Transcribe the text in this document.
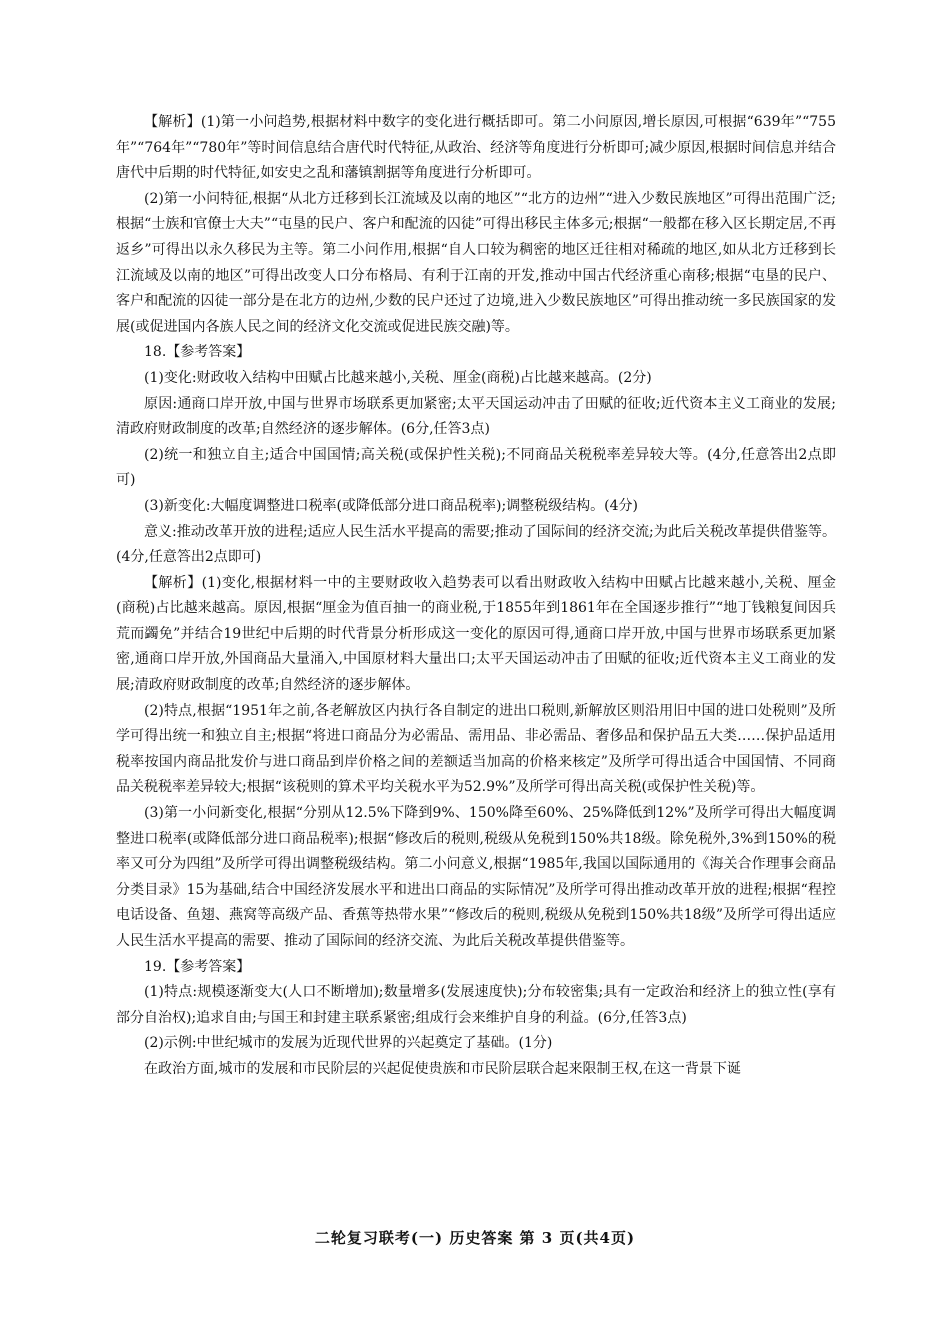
【解析】(1)第一小问趋势,根据材料中数字的变化进行概括即可。第二小问原因,增长原因,可根据“639年”“755年”“764年”“780年”等时间信息结合唐代时代特征,从政治、经济等角度进行分析即可;减少原因,根据时间信息并结合唐代中后期的时代特征,如安史之乱和藩镇割据等角度进行分析即可。

(2)第一小问特征,根据“从北方迁移到长江流域及以南的地区”“北方的边州”“进入少数民族地区”可得出范围广泛;根据“士族和官僚士大夫”“屯垦的民户、客户和配流的囚徒”可得出移民主体多元;根据“一般都在移入区长期定居,不再返乡”可得出以永久移民为主等。第二小问作用,根据“自人口较为稠密的地区迁往相对稀疏的地区,如从北方迁移到长江流域及以南的地区”可得出改变人口分布格局、有利于江南的开发,推动中国古代经济重心南移;根据“屯垦的民户、客户和配流的囚徒一部分是在北方的边州,少数的民户还过了边境,进入少数民族地区”可得出推动统一多民族国家的发展(或促进国内各族人民之间的经济文化交流或促进民族交融)等。

18.【参考答案】

(1)变化:财政收入结构中田赋占比越来越小,关税、厘金(商税)占比越来越高。(2分)

原因:通商口岸开放,中国与世界市场联系更加紧密;太平天国运动冲击了田赋的征收;近代资本主义工商业的发展;清政府财政制度的改革;自然经济的逐步解体。(6分,任答3点)

(2)统一和独立自主;适合中国国情;高关税(或保护性关税);不同商品关税税率差异较大等。(4分,任意答出2点即可)

(3)新变化:大幅度调整进口税率(或降低部分进口商品税率);调整税级结构。(4分)

意义:推动改革开放的进程;适应人民生活水平提高的需要;推动了国际间的经济交流;为此后关税改革提供借鉴等。(4分,任意答出2点即可)

【解析】(1)变化,根据材料一中的主要财政收入趋势表可以看出财政收入结构中田赋占比越来越小,关税、厘金(商税)占比越来越高。原因,根据“厘金为值百抽一的商业税,于1855年到1861年在全国逐步推行”“地丁钱粮复间因兵荒而蠲免”并结合19世纪中后期的时代背景分析形成这一变化的原因可得,通商口岸开放,中国与世界市场联系更加紧密,通商口岸开放,外国商品大量涌入,中国原材料大量出口;太平天国运动冲击了田赋的征收;近代资本主义工商业的发展;清政府财政制度的改革;自然经济的逐步解体。

(2)特点,根据“1951年之前,各老解放区内执行各自制定的进出口税则,新解放区则沿用旧中国的进口处税则”及所学可得出统一和独立自主;根据“将进口商品分为必需品、需用品、非必需品、奢侈品和保护品五大类……保护品适用税率按国内商品批发价与进口商品到岸价格之间的差额适当加高的价格来核定”及所学可得出适合中国国情、不同商品关税税率差异较大;根据“该税则的算术平均关税水平为52.9%”及所学可得出高关税(或保护性关税)等。

(3)第一小问新变化,根据“分别从12.5%下降到9%、150%降至60%、25%降低到12%”及所学可得出大幅度调整进口税率(或降低部分进口商品税率);根据“修改后的税则,税级从免税到150%共18级。除免税外,3%到150%的税率又可分为四组”及所学可得出调整税级结构。第二小问意义,根据“1985年,我国以国际通用的《海关合作理事会商品分类目录》15为基础,结合中国经济发展水平和进出口商品的实际情况”及所学可得出推动改革开放的进程;根据“程控电话设备、鱼翅、燕窝等高级产品、香蕉等热带水果”“修改后的税则,税级从免税到150%共18级”及所学可得出适应人民生活水平提高的需要、推动了国际间的经济交流、为此后关税改革提供借鉴等。

19.【参考答案】

(1)特点:规模逐渐变大(人口不断增加);数量增多(发展速度快);分布较密集;具有一定政治和经济上的独立性(享有部分自治权);追求自由;与国王和封建主联系紧密;组成行会来维护自身的利益。(6分,任答3点)

(2)示例:中世纪城市的发展为近现代世界的兴起奠定了基础。(1分)

在政治方面,城市的发展和市民阶层的兴起促使贵族和市民阶层联合起来限制王权,在这一背景下诞

二轮复习联考(一) 历史答案 第 3 页(共4页)
